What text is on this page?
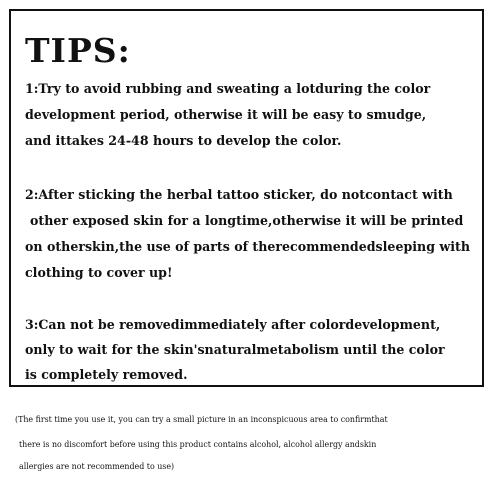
TIPS:

1:Try to avoid rubbing and sweating a lotduring the color

development period, otherwise it will be easy to smudge,

and ittakes 24-48 hours to develop the color.

2:After sticking the herbal tattoo sticker, do notcontact with

other exposed skin for a longtime,otherwise it will be printed

on otherskin,the use of parts of therecommendedsleeping with

clothing to cover up!

3:Can not be removedimmediately after colordevelopment,

only to wait for the skin'snaturalmetabolism until the color

is completely removed.

(The first time you use it, you can try a small picture in an inconspicuous area to confirmthat

there is no discomfort before using this product contains alcohol, alcohol allergy andskin

allergies are not recommended to use)
